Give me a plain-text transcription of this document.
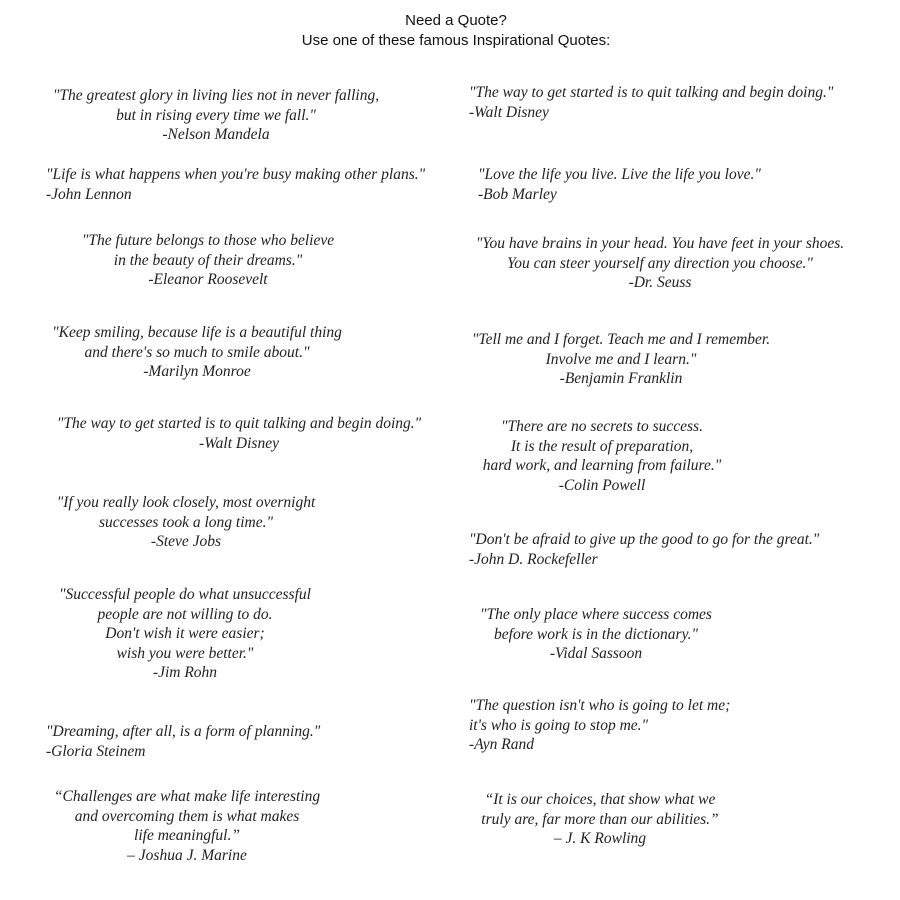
Need a Quote?
Use one of these famous Inspirational Quotes:
"The greatest glory in living lies not in never falling,
but in rising every time we fall."
-Nelson Mandela
"Life is what happens when you're busy making other plans."
-John Lennon
"The future belongs to those who believe
in the beauty of their dreams."
-Eleanor Roosevelt
"Keep smiling, because life is a beautiful thing
and there's so much to smile about."
-Marilyn Monroe
"The way to get started is to quit talking and begin doing."
-Walt Disney
"If you really look closely, most overnight
successes took a long time."
-Steve Jobs
"Successful people do what unsuccessful
people are not willing to do.
Don't wish it were easier;
wish you were better."
-Jim Rohn
"Dreaming, after all, is a form of planning."
-Gloria Steinem
“Challenges are what make life interesting
and overcoming them is what makes
life meaningful.”
– Joshua J. Marine
"The way to get started is to quit talking and begin doing."
-Walt Disney
"Love the life you live. Live the life you love."
-Bob Marley
"You have brains in your head. You have feet in your shoes.
You can steer yourself any direction you choose."
-Dr. Seuss
"Tell me and I forget. Teach me and I remember.
Involve me and I learn."
-Benjamin Franklin
"There are no secrets to success.
It is the result of preparation,
hard work, and learning from failure."
-Colin Powell
"Don't be afraid to give up the good to go for the great."
-John D. Rockefeller
"The only place where success comes
before work is in the dictionary."
-Vidal Sassoon
"The question isn't who is going to let me;
it's who is going to stop me."
-Ayn Rand
“It is our choices, that show what we
truly are, far more than our abilities.”
– J. K Rowling
